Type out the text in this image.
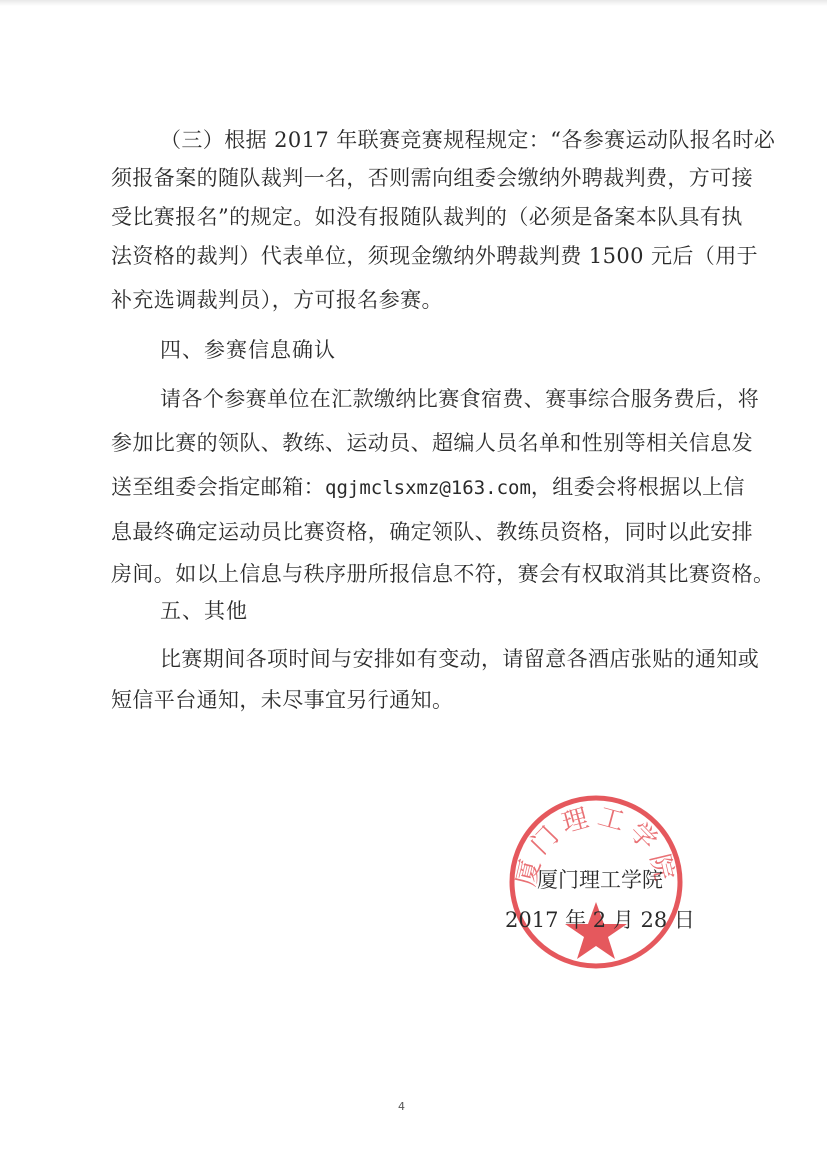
（三）根据 2017 年联赛竞赛规程规定：“各参赛运动队报名时必
须报备案的随队裁判一名，否则需向组委会缴纳外聘裁判费，方可接
受比赛报名”的规定。如没有报随队裁判的（必须是备案本队具有执
法资格的裁判）代表单位，须现金缴纳外聘裁判费 1500 元后（用于
补充选调裁判员），方可报名参赛。
四、参赛信息确认
请各个参赛单位在汇款缴纳比赛食宿费、赛事综合服务费后，将
参加比赛的领队、教练、运动员、超编人员名单和性别等相关信息发
送至组委会指定邮箱：qgjmclsxmz@163.com，组委会将根据以上信
息最终确定运动员比赛资格，确定领队、教练员资格，同时以此安排
房间。如以上信息与秩序册所报信息不符，赛会有权取消其比赛资格。
五、其他
比赛期间各项时间与安排如有变动，请留意各酒店张贴的通知或
短信平台通知，未尽事宜另行通知。
厦门理工学院
厦门理工学院
2017 年 2 月 28 日
4
